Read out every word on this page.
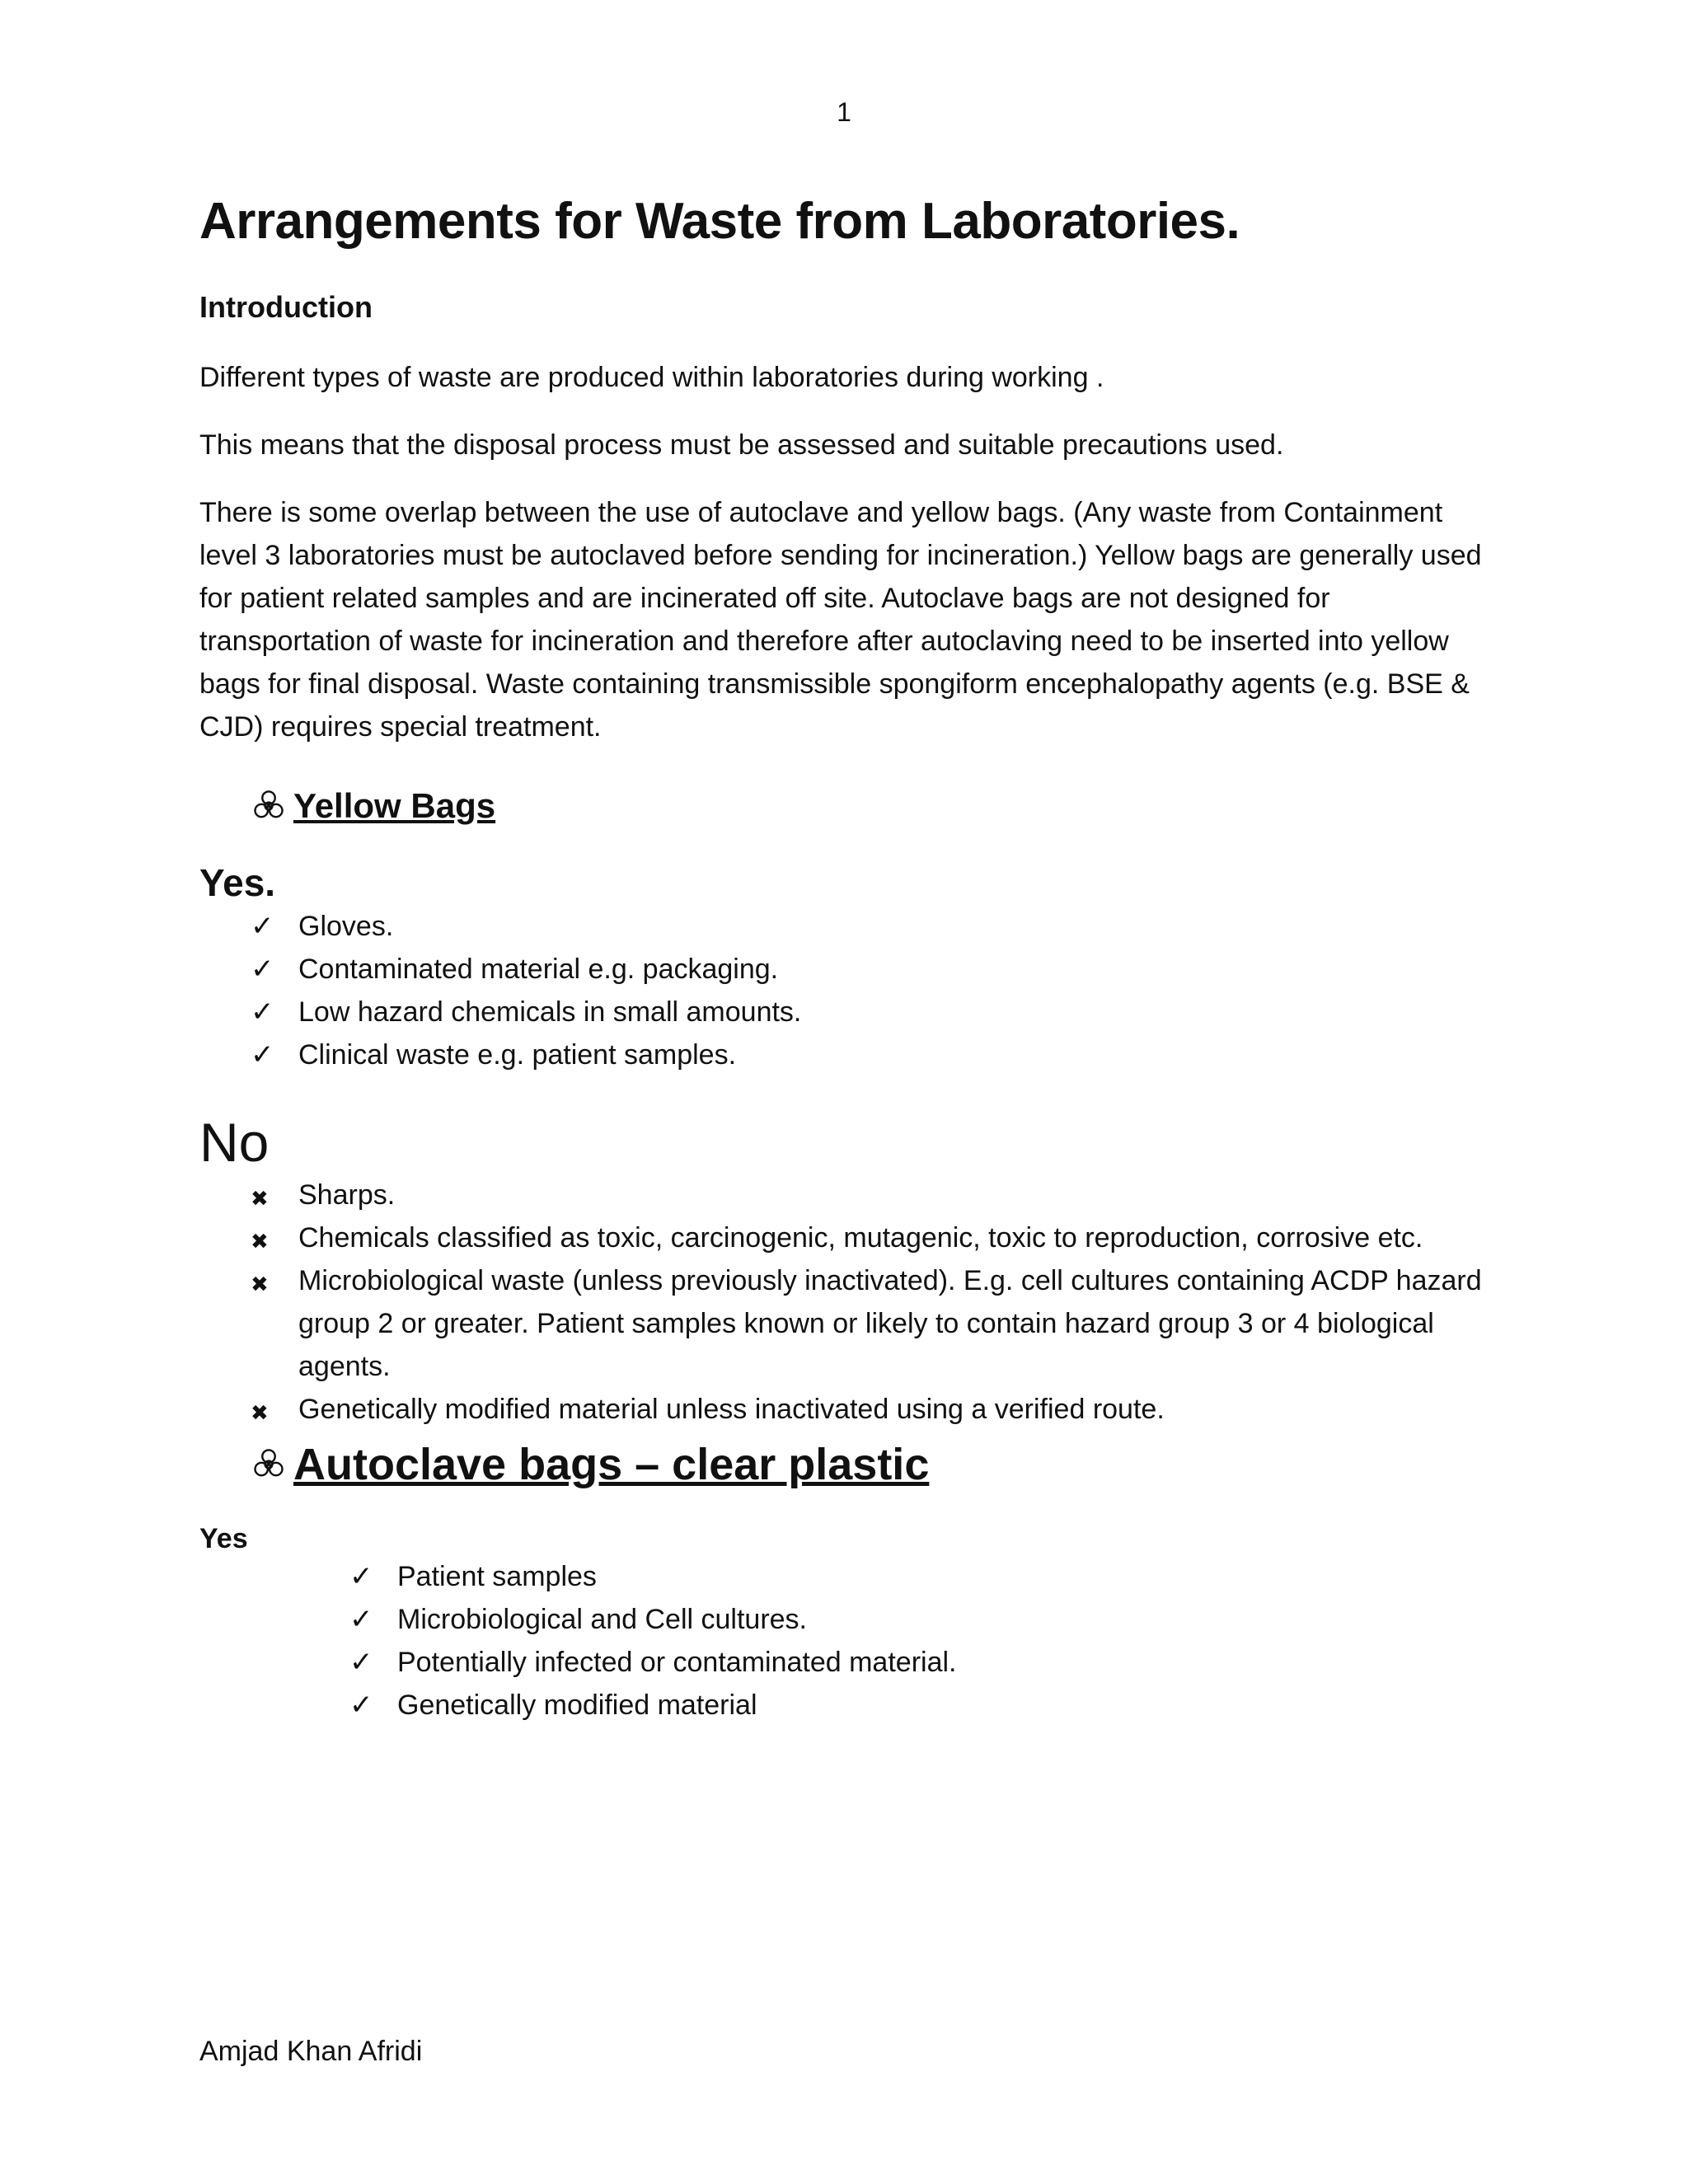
1
Arrangements for Waste from Laboratories.
Introduction

Different types of waste are produced within laboratories during working .

This means that the disposal process must be assessed and suitable precautions used.

There is some overlap between the use of autoclave and yellow bags. (Any waste from Containment level 3 laboratories must be autoclaved before sending for incineration.) Yellow bags are generally used for patient related samples and are incinerated off site. Autoclave bags are not designed for transportation of waste for incineration and therefore after autoclaving need to be inserted into yellow bags for final disposal. Waste containing transmissible spongiform encephalopathy agents (e.g. BSE & CJD) requires special treatment.

Yellow Bags
Yes.
✓ Gloves.
✓ Contaminated material e.g. packaging.
✓ Low hazard chemicals in small amounts.
✓ Clinical waste e.g. patient samples.
No
✖ Sharps.
✖ Chemicals classified as toxic, carcinogenic, mutagenic, toxic to reproduction, corrosive etc.
✖ Microbiological waste (unless previously inactivated). E.g. cell cultures containing ACDP hazard group 2 or greater. Patient samples known or likely to contain hazard group 3 or 4 biological agents.
✖ Genetically modified material unless inactivated using a verified route.
Autoclave bags – clear plastic
Yes
✓ Patient samples
✓ Microbiological and Cell cultures.
✓ Potentially infected or contaminated material.
✓ Genetically modified material
Amjad Khan Afridi
